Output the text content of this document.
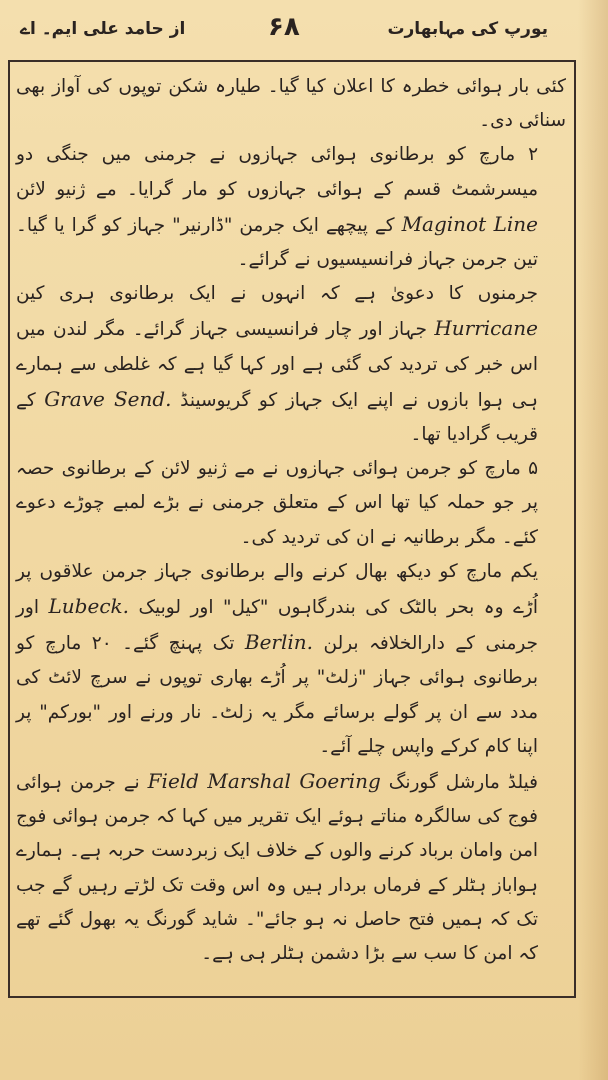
یورپ کی مہابھارت
۶۸
از حامد علی ایم۔ اے

کئی بار ہوائی خطرہ کا اعلان کیا گیا۔ طیارہ شکن توپوں کی آواز بھی سنائی دی۔

۲ مارچ کو برطانوی ہوائی جہازوں نے جرمنی میں جنگی دو میسرشمٹ قسم کے ہوائی جہازوں کو مار گرایا۔ مے ژنیو لائن Maginot Line کے پیچھے ایک جرمن "ڈارنیر" جہاز کو گرا یا گیا۔ تین جرمن جہاز فرانسیسیوں نے گرائے۔

جرمنوں کا دعویٰ ہے کہ انہوں نے ایک برطانوی ہری کین Hurricane جہاز اور چار فرانسیسی جہاز گرائے۔ مگر لندن میں اس خبر کی تردید کی گئی ہے اور کہا گیا ہے کہ غلطی سے ہمارے ہی ہوا بازوں نے اپنے ایک جہاز کو گریوسینڈ Grave Send. کے قریب گرادیا تھا۔

۵ مارچ کو جرمن ہوائی جہازوں نے مے ژنیو لائن کے برطانوی حصہ پر جو حملہ کیا تھا اس کے متعلق جرمنی نے بڑے لمبے چوڑے دعوے کئے۔ مگر برطانیہ نے ان کی تردید کی۔

یکم مارچ کو دیکھ بھال کرنے والے برطانوی جہاز جرمن علاقوں پر اُڑے وہ بحر بالٹک کی بندرگاہوں "کیل" اور لوبیک Lubeck. اور جرمنی کے دارالخلافہ برلن Berlin. تک پہنچ گئے۔ ۲۰ مارچ کو برطانوی ہوائی جہاز "زلٹ" پر اُڑے بھاری توپوں نے سرچ لائٹ کی مدد سے ان پر گولے برسائے مگر یہ زلٹ۔ نار ورنے اور "بورکم" پر اپنا کام کرکے واپس چلے آئے۔

فیلڈ مارشل گورنگ Field Marshal Goering نے جرمن ہوائی فوج کی سالگرہ مناتے ہوئے ایک تقریر میں کہا کہ جرمن ہوائی فوج امن وامان برباد کرنے والوں کے خلاف ایک زبردست حربہ ہے۔ ہمارے ہواباز ہٹلر کے فرماں بردار ہیں وہ اس وقت تک لڑتے رہیں گے جب تک کہ ہمیں فتح حاصل نہ ہو جائے"۔ شاید گورنگ یہ بھول گئے تھے کہ امن کا سب سے بڑا دشمن ہٹلر ہی ہے۔
